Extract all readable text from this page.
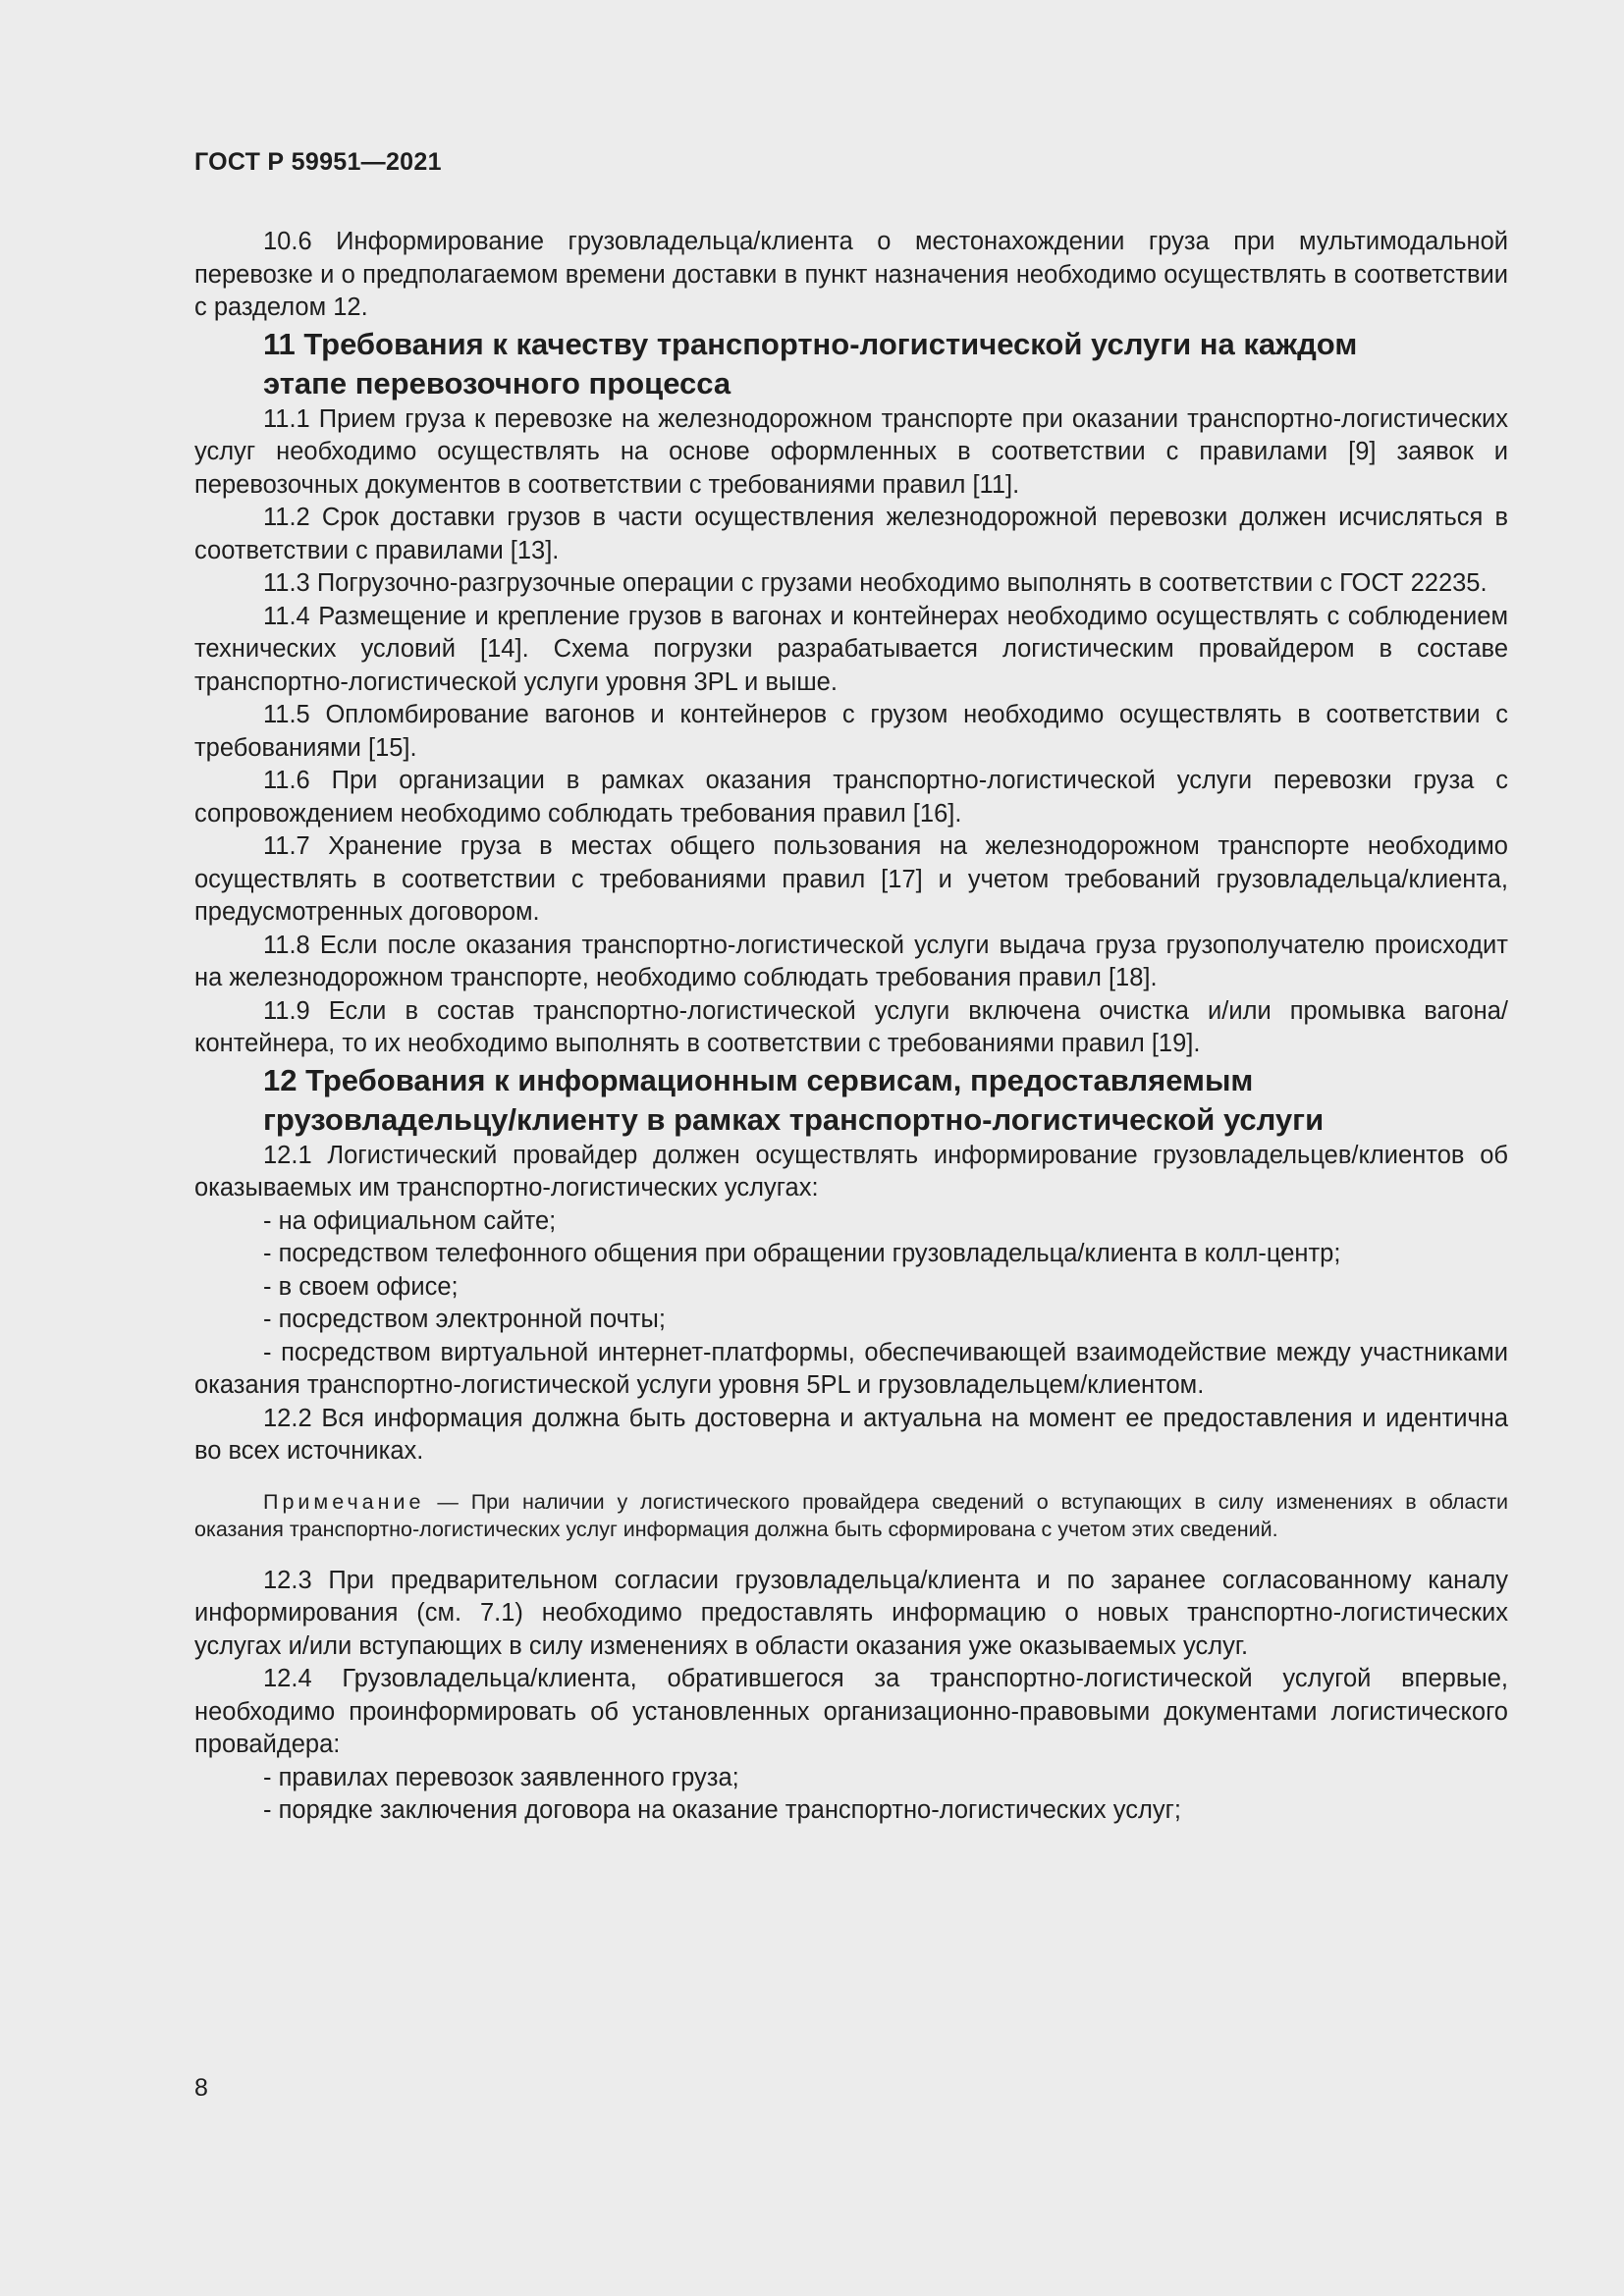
ГОСТ Р 59951—2021

10.6 Информирование грузовладельца/клиента о местонахождении груза при мультимодальной перевозке и о предполагаемом времени доставки в пункт назначения необходимо осуществлять в соответствии с разделом 12.

11 Требования к качеству транспортно-логистической услуги на каждом
этапе перевозочного процесса

11.1 Прием груза к перевозке на железнодорожном транспорте при оказании транспортно-логистических услуг необходимо осуществлять на основе оформленных в соответствии с правилами [9] заявок и перевозочных документов в соответствии с требованиями правил [11].

11.2 Срок доставки грузов в части осуществления железнодорожной перевозки должен исчисляться в соответствии с правилами [13].

11.3 Погрузочно-разгрузочные операции с грузами необходимо выполнять в соответствии с ГОСТ 22235.

11.4 Размещение и крепление грузов в вагонах и контейнерах необходимо осуществлять с соблюдением технических условий [14]. Схема погрузки разрабатывается логистическим провайдером в составе транспортно-логистической услуги уровня 3PL и выше.

11.5 Опломбирование вагонов и контейнеров с грузом необходимо осуществлять в соответствии с требованиями [15].

11.6 При организации в рамках оказания транспортно-логистической услуги перевозки груза с сопровождением необходимо соблюдать требования правил [16].

11.7 Хранение груза в местах общего пользования на железнодорожном транспорте необходимо осуществлять в соответствии с требованиями правил [17] и учетом требований грузовладельца/клиента, предусмотренных договором.

11.8 Если после оказания транспортно-логистической услуги выдача груза грузополучателю происходит на железнодорожном транспорте, необходимо соблюдать требования правил [18].

11.9 Если в состав транспортно-логистической услуги включена очистка и/или промывка вагона/контейнера, то их необходимо выполнять в соответствии с требованиями правил [19].

12 Требования к информационным сервисам, предоставляемым
грузовладельцу/клиенту в рамках транспортно-логистической услуги

12.1 Логистический провайдер должен осуществлять информирование грузовладельцев/клиентов об оказываемых им транспортно-логистических услугах:

- на официальном сайте;

- посредством телефонного общения при обращении грузовладельца/клиента в колл-центр;

- в своем офисе;

- посредством электронной почты;

- посредством виртуальной интернет-платформы, обеспечивающей взаимодействие между участниками оказания транспортно-логистической услуги уровня 5PL и грузовладельцем/клиентом.

12.2 Вся информация должна быть достоверна и актуальна на момент ее предоставления и идентична во всех источниках.

Примечание — При наличии у логистического провайдера сведений о вступающих в силу изменениях в области оказания транспортно-логистических услуг информация должна быть сформирована с учетом этих сведений.

12.3 При предварительном согласии грузовладельца/клиента и по заранее согласованному каналу информирования (см. 7.1) необходимо предоставлять информацию о новых транспортно-логистических услугах и/или вступающих в силу изменениях в области оказания уже оказываемых услуг.

12.4 Грузовладельца/клиента, обратившегося за транспортно-логистической услугой впервые, необходимо проинформировать об установленных организационно-правовыми документами логистического провайдера:

- правилах перевозок заявленного груза;

- порядке заключения договора на оказание транспортно-логистических услуг;

8
